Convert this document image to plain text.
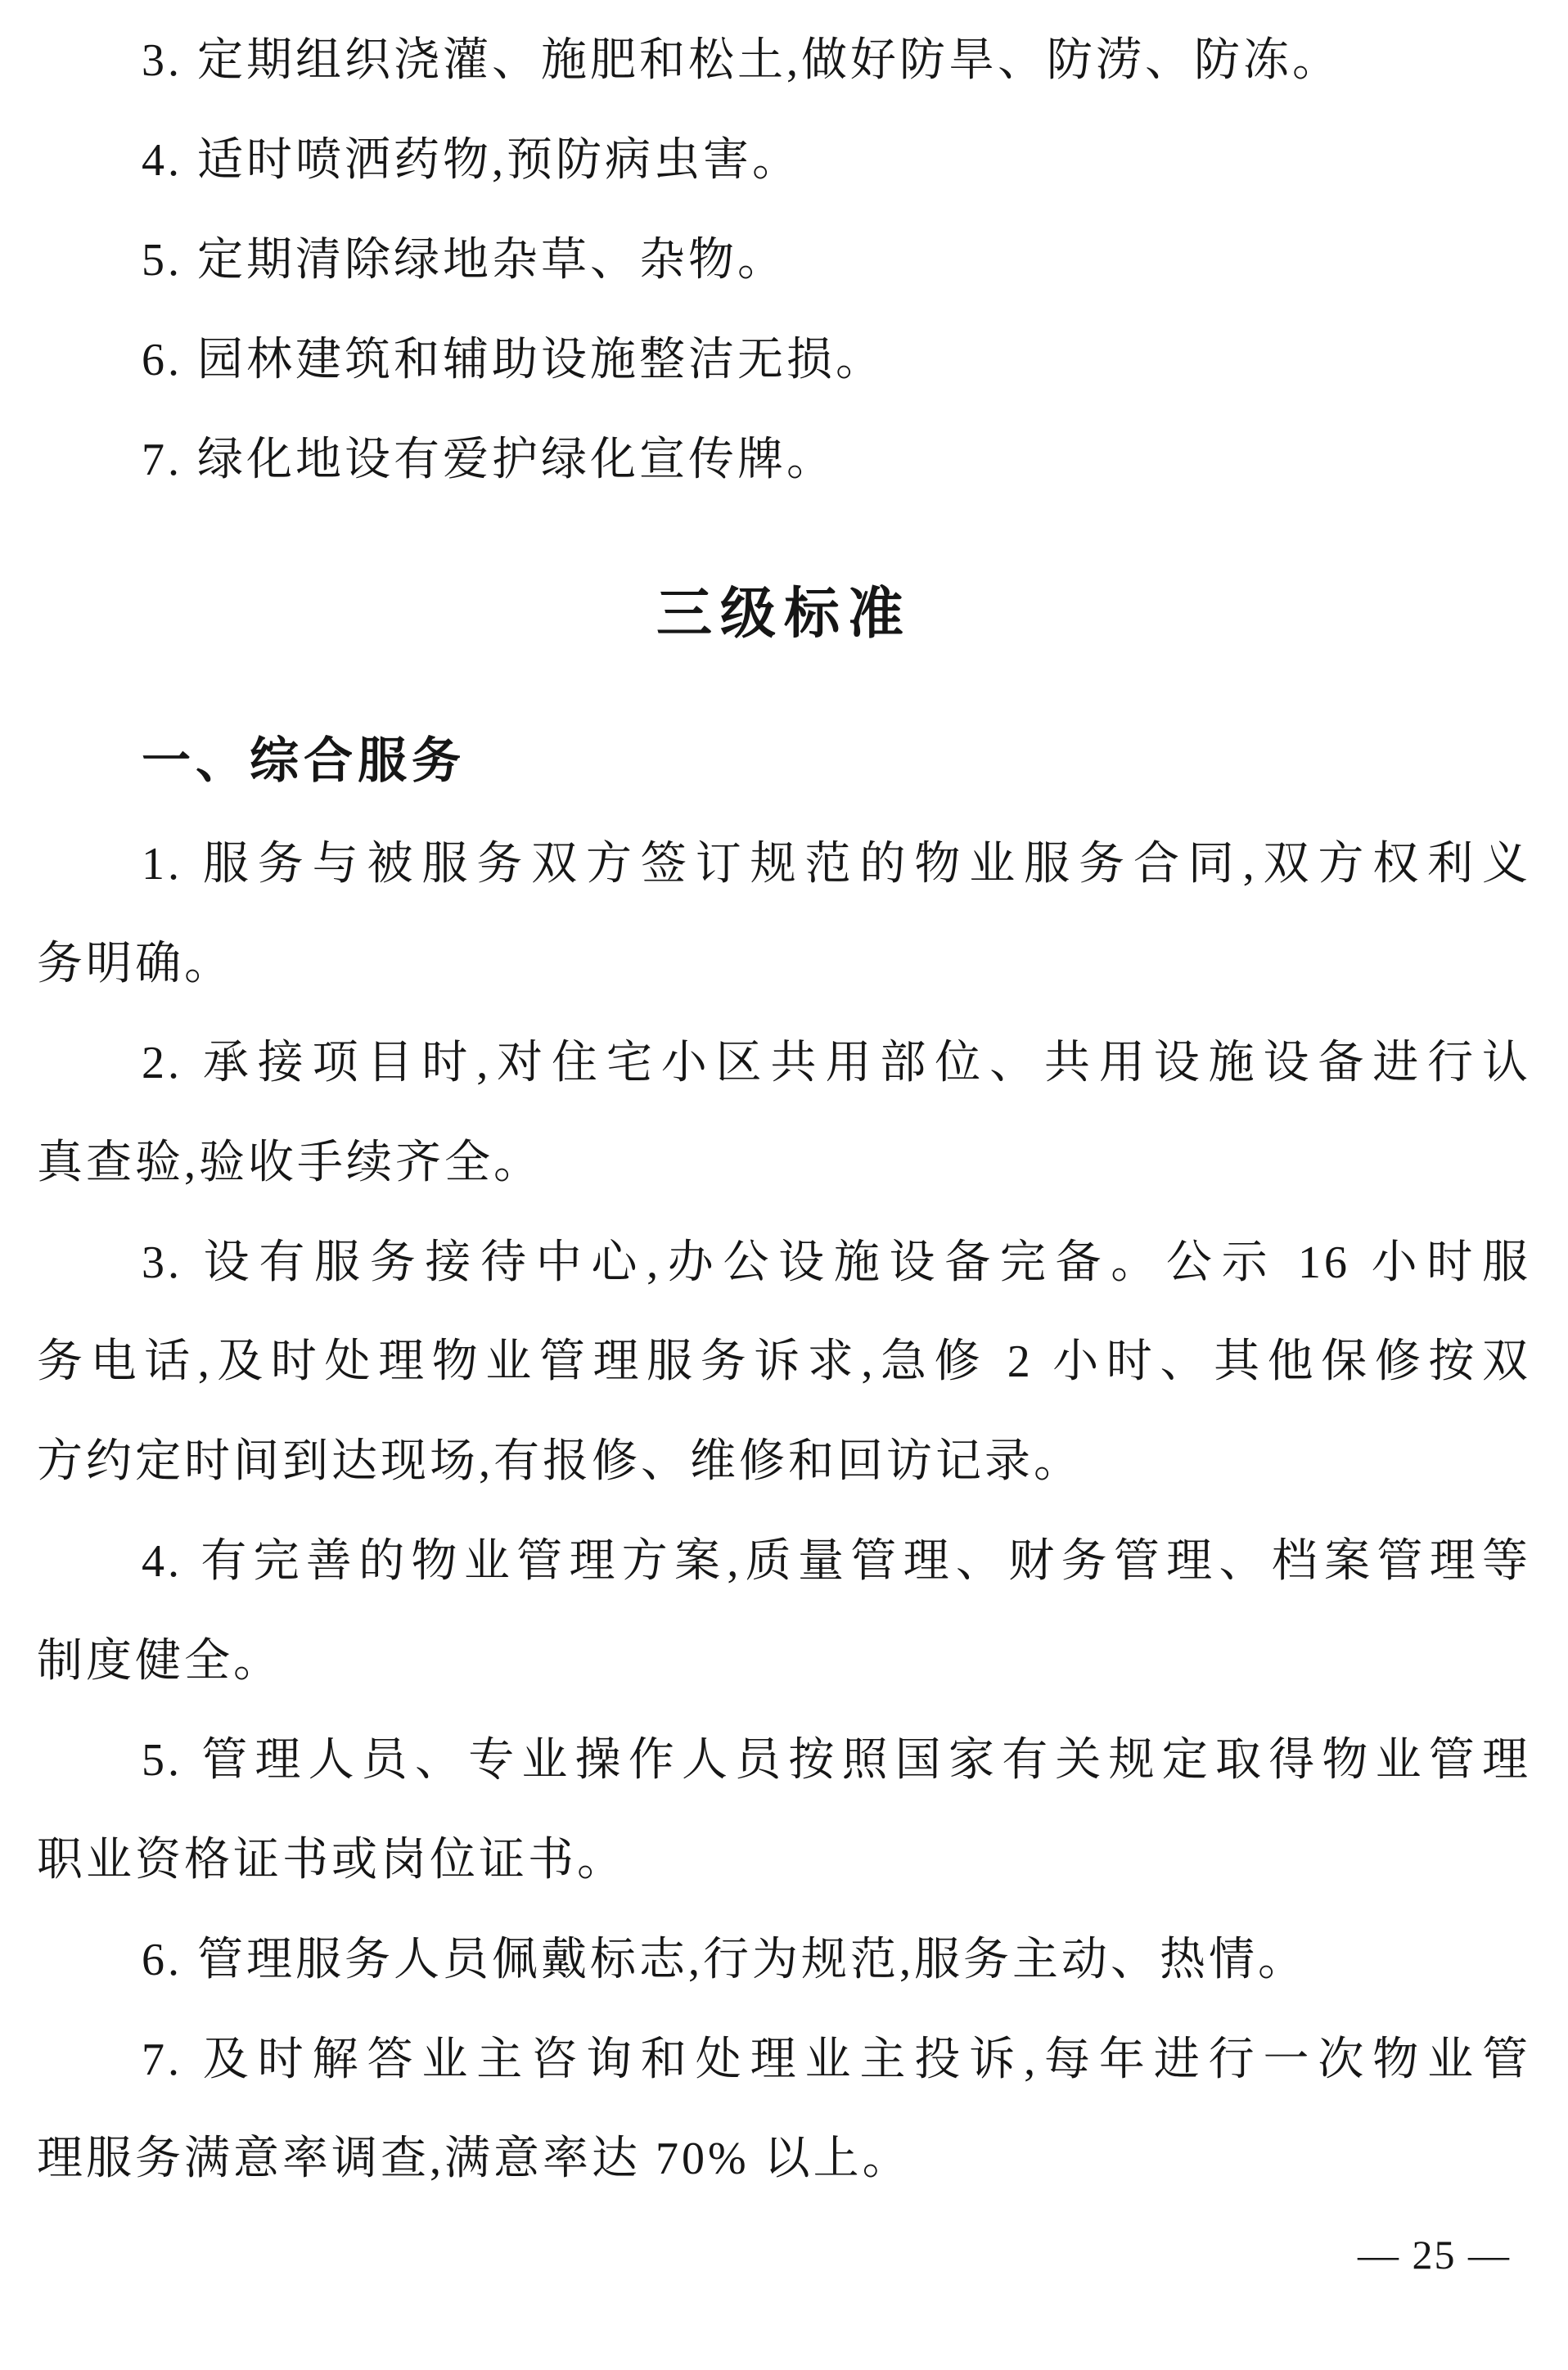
3. 定期组织浇灌、施肥和松土,做好防旱、防涝、防冻。
4. 适时喷洒药物,预防病虫害。
5. 定期清除绿地杂草、杂物。
6. 园林建筑和辅助设施整洁无损。
7. 绿化地设有爱护绿化宣传牌。
三级标准
一、综合服务
1. 服务与被服务双方签订规范的物业服务合同,双方权利义
务明确。
2. 承接项目时,对住宅小区共用部位、共用设施设备进行认
真查验,验收手续齐全。
3. 设有服务接待中心,办公设施设备完备。公示 16 小时服
务电话,及时处理物业管理服务诉求,急修 2 小时、其他保修按双
方约定时间到达现场,有报修、维修和回访记录。
4. 有完善的物业管理方案,质量管理、财务管理、档案管理等
制度健全。
5. 管理人员、专业操作人员按照国家有关规定取得物业管理
职业资格证书或岗位证书。
6. 管理服务人员佩戴标志,行为规范,服务主动、热情。
7. 及时解答业主咨询和处理业主投诉,每年进行一次物业管
理服务满意率调查,满意率达 70% 以上。
— 25 —
